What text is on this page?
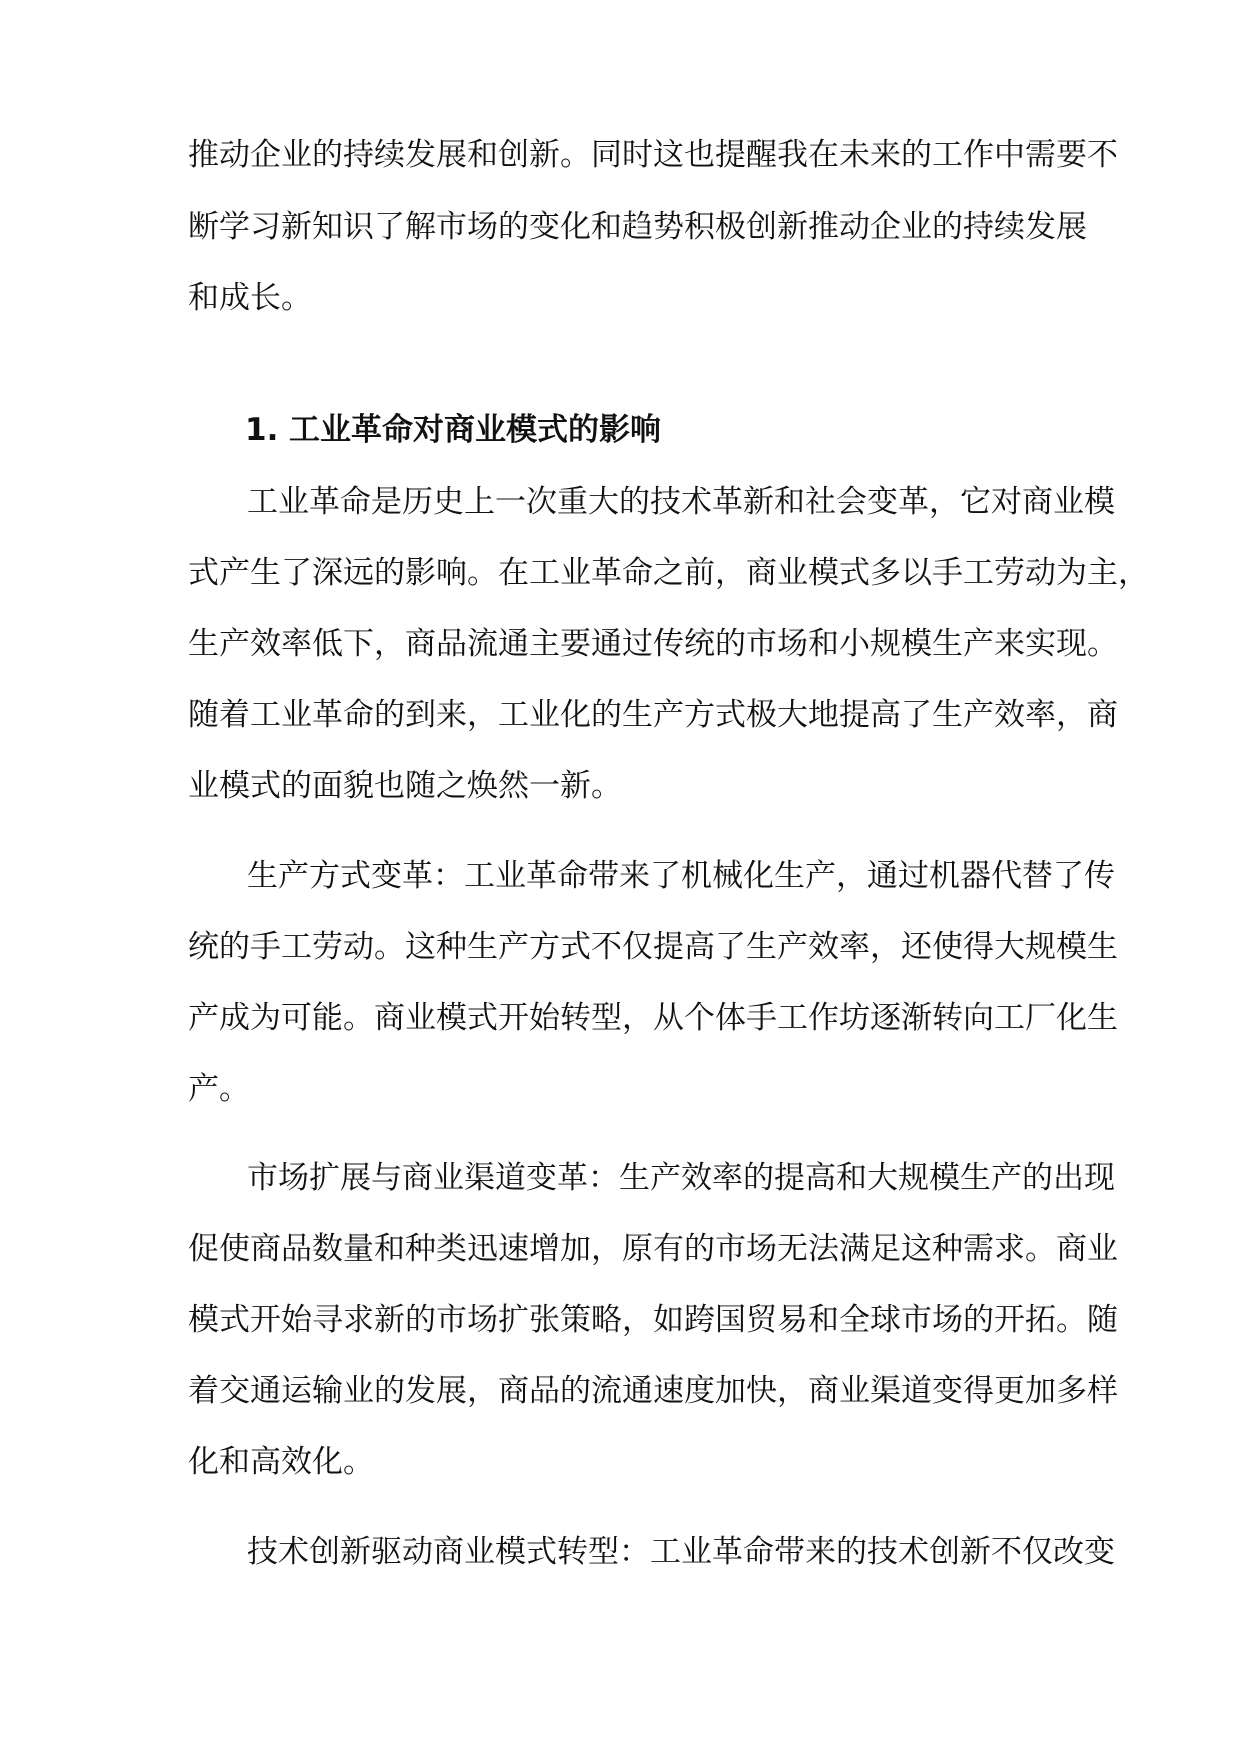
推动企业的持续发展和创新。同时这也提醒我在未来的工作中需要不

断学习新知识了解市场的变化和趋势积极创新推动企业的持续发展

和成长。

1. 工业革命对商业模式的影响

工业革命是历史上一次重大的技术革新和社会变革，它对商业模

式产生了深远的影响。在工业革命之前，商业模式多以手工劳动为主，

生产效率低下，商品流通主要通过传统的市场和小规模生产来实现。

随着工业革命的到来，工业化的生产方式极大地提高了生产效率，商

业模式的面貌也随之焕然一新。

生产方式变革：工业革命带来了机械化生产，通过机器代替了传

统的手工劳动。这种生产方式不仅提高了生产效率，还使得大规模生

产成为可能。商业模式开始转型，从个体手工作坊逐渐转向工厂化生

产。

市场扩展与商业渠道变革：生产效率的提高和大规模生产的出现

促使商品数量和种类迅速增加，原有的市场无法满足这种需求。商业

模式开始寻求新的市场扩张策略，如跨国贸易和全球市场的开拓。随

着交通运输业的发展，商品的流通速度加快，商业渠道变得更加多样

化和高效化。

技术创新驱动商业模式转型：工业革命带来的技术创新不仅改变
